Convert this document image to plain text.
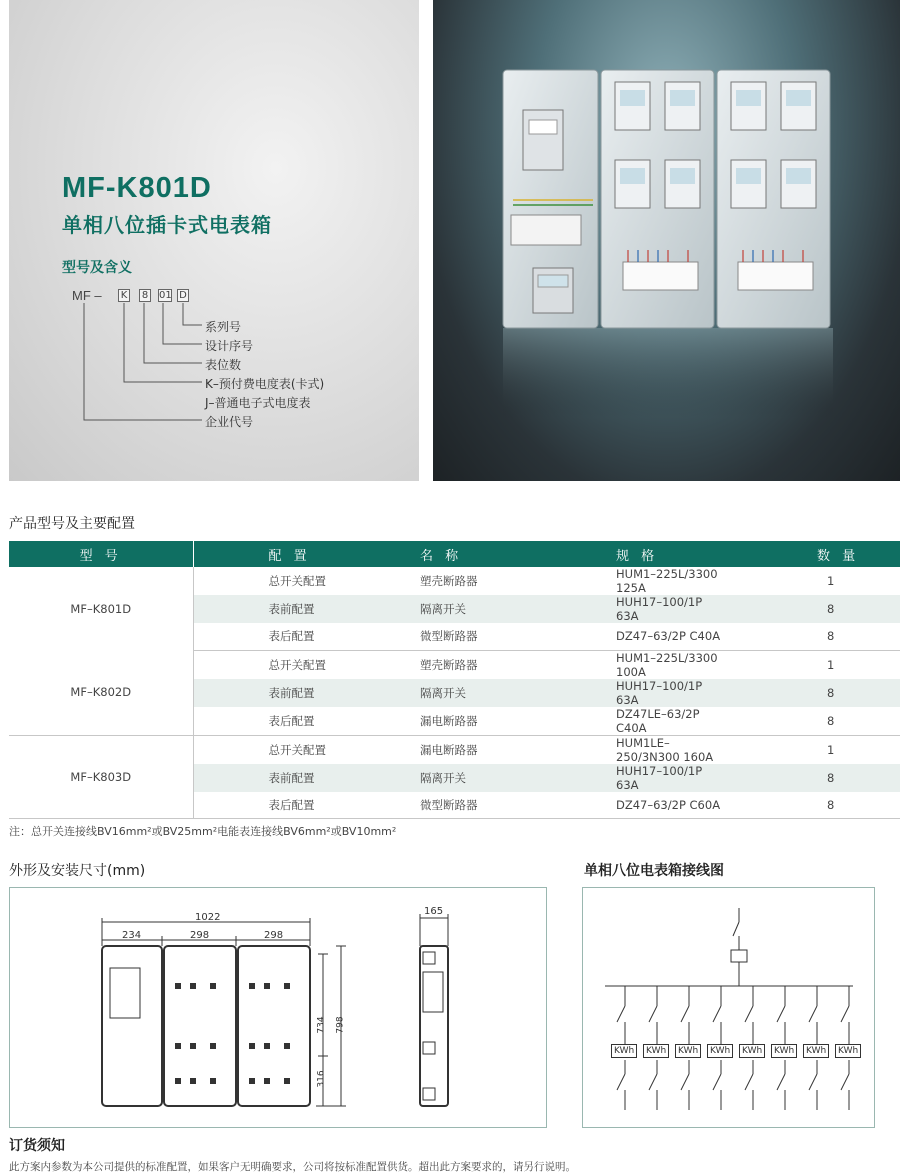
MF-K801D
单相八位插卡式电表箱
型号及含义
MF – K 8 01 D
系列号
设计序号
表位数
K–预付费电度表(卡式)
J–普通电子式电度表
企业代号
产品型号及主要配置
型 号	配 置	名 称	规 格	数 量
MF–K801D	总开关配置	塑壳断路器	HUM1–225L/3300 125A	1
	表前配置	隔离开关	HUH17–100/1P 63A	8
	表后配置	微型断路器	DZ47–63/2P C40A	8
MF–K802D	总开关配置	塑壳断路器	HUM1–225L/3300 100A	1
	表前配置	隔离开关	HUH17–100/1P 63A	8
	表后配置	漏电断路器	DZ47LE–63/2P C40A	8
MF–K803D	总开关配置	漏电断路器	HUM1LE–250/3N300 160A	1
	表前配置	隔离开关	HUH17–100/1P 63A	8
	表后配置	微型断路器	DZ47–63/2P C60A	8
注：总开关连接线BV16mm²或BV25mm²电能表连接线BV6mm²或BV10mm²
外形及安装尺寸(mm)
1022
234	298	298
734 798
316
165
单相八位电表箱接线图
KWh	KWh	KWh	KWh	KWh	KWh	KWh	KWh
订货须知
此方案内参数为本公司提供的标准配置，如果客户无明确要求，公司将按标准配置供货。超出此方案要求的，请另行说明。
